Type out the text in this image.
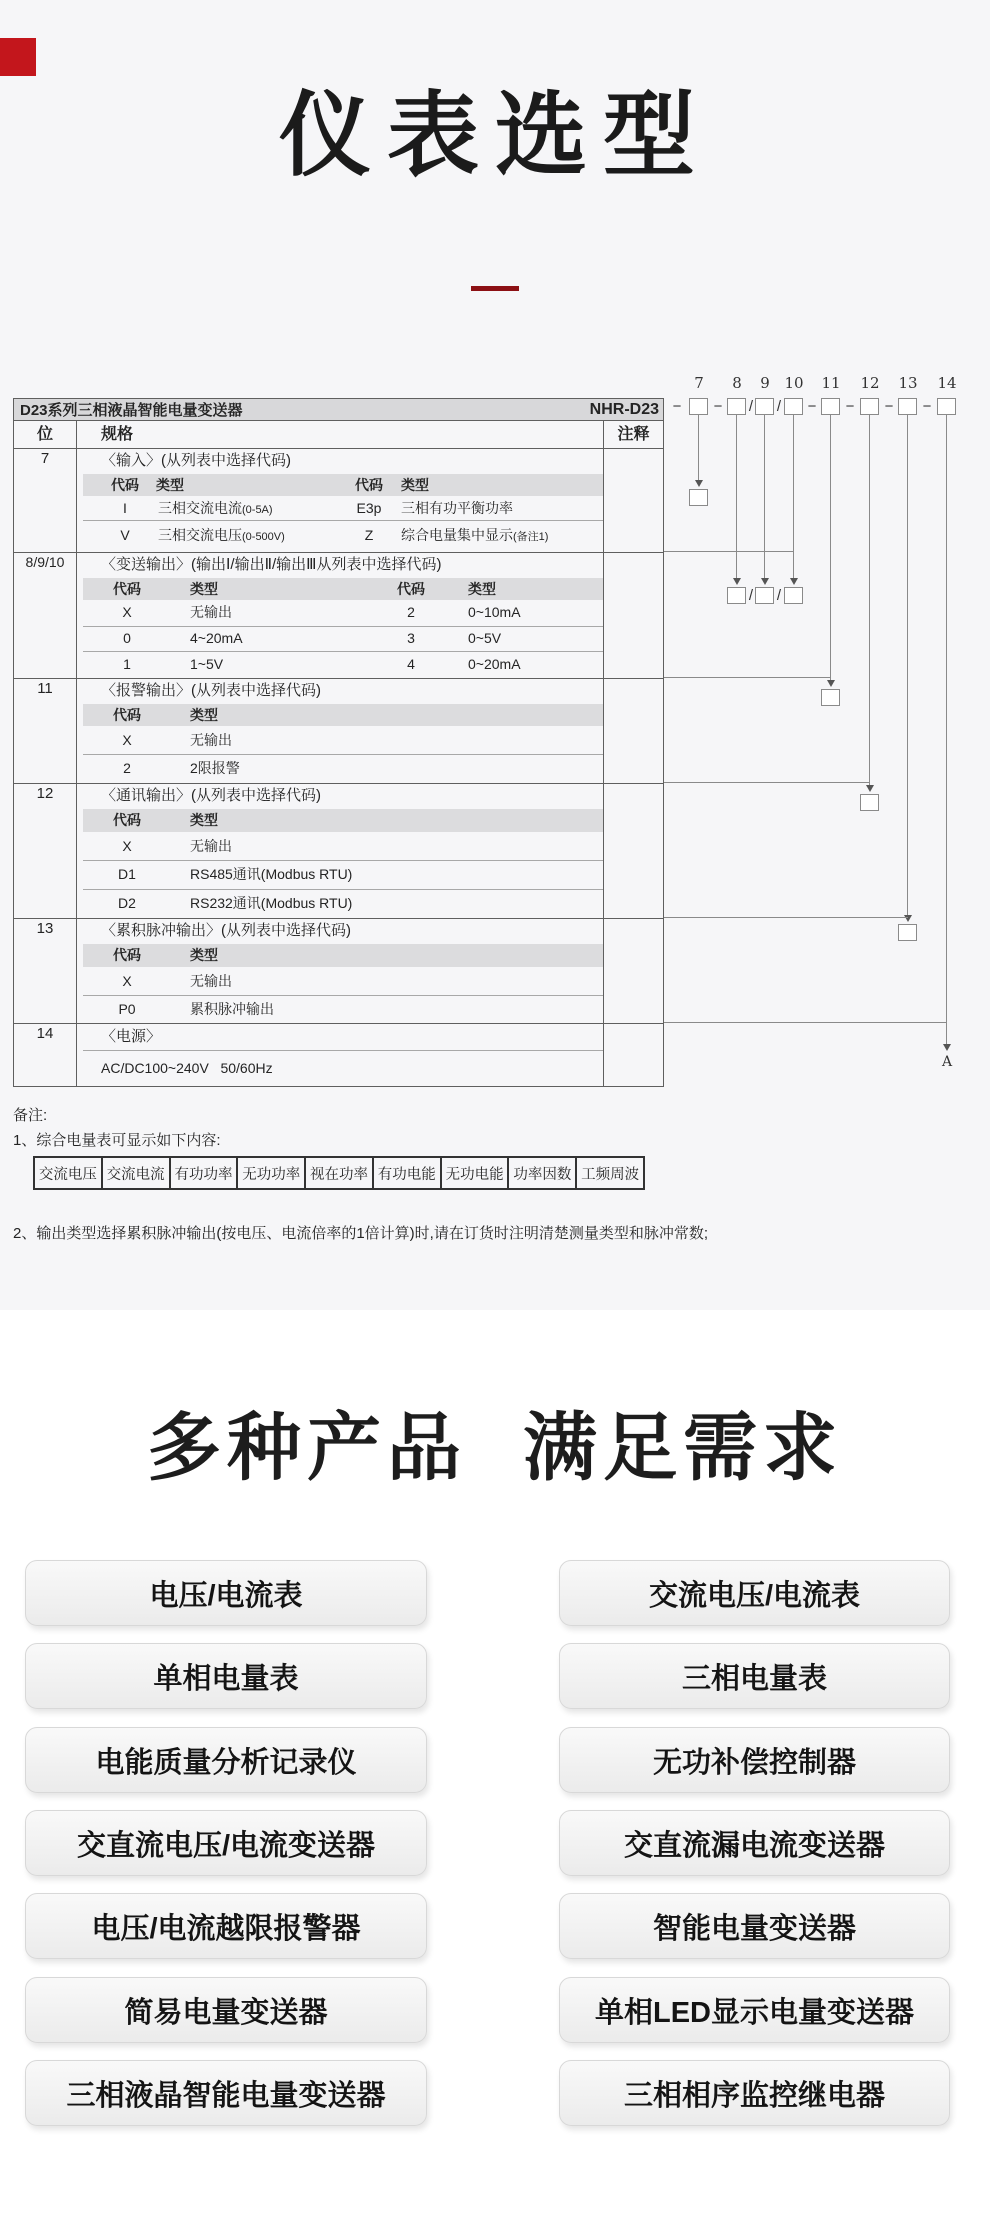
仪表选型
D23系列三相液晶智能电量变送器	NHR-D23
位	规格	注释
7	〈输入〉(从列表中选择代码)
代码 类型	代码 类型
I 三相交流电流(0-5A)	E3p 三相有功平衡功率
V 三相交流电压(0-500V)	Z 综合电量集中显示(备注1)
8/9/10	〈变送输出〉(输出Ⅰ/输出Ⅱ/输出Ⅲ从列表中选择代码)
代码	类型	代码	类型
X	无输出	2	0~10mA
0	4~20mA	3	0~5V
1	1~5V	4	0~20mA
11	〈报警输出〉(从列表中选择代码)
代码	类型
X	无输出
2	2限报警
12	〈通讯输出〉(从列表中选择代码)
代码	类型
X	无输出
D1	RS485通讯(Modbus RTU)
D2	RS232通讯(Modbus RTU)
13	〈累积脉冲输出〉(从列表中选择代码)
代码	类型
X	无输出
P0	累积脉冲输出
14	〈电源〉
AC/DC100~240V   50/60Hz
7 8 9 10 11 12 13 14
− − / / − − − −
/ /
A
备注:
1、综合电量表可显示如下内容:
交流电压 交流电流 有功功率 无功功率 视在功率 有功电能 无功电能 功率因数 工频周波
2、输出类型选择累积脉冲输出(按电压、电流倍率的1倍计算)时,请在订货时注明清楚测量类型和脉冲常数;
多种产品 满足需求
电压/电流表	交流电压/电流表
单相电量表	三相电量表
电能质量分析记录仪	无功补偿控制器
交直流电压/电流变送器	交直流漏电流变送器
电压/电流越限报警器	智能电量变送器
简易电量变送器	单相LED显示电量变送器
三相液晶智能电量变送器	三相相序监控继电器
